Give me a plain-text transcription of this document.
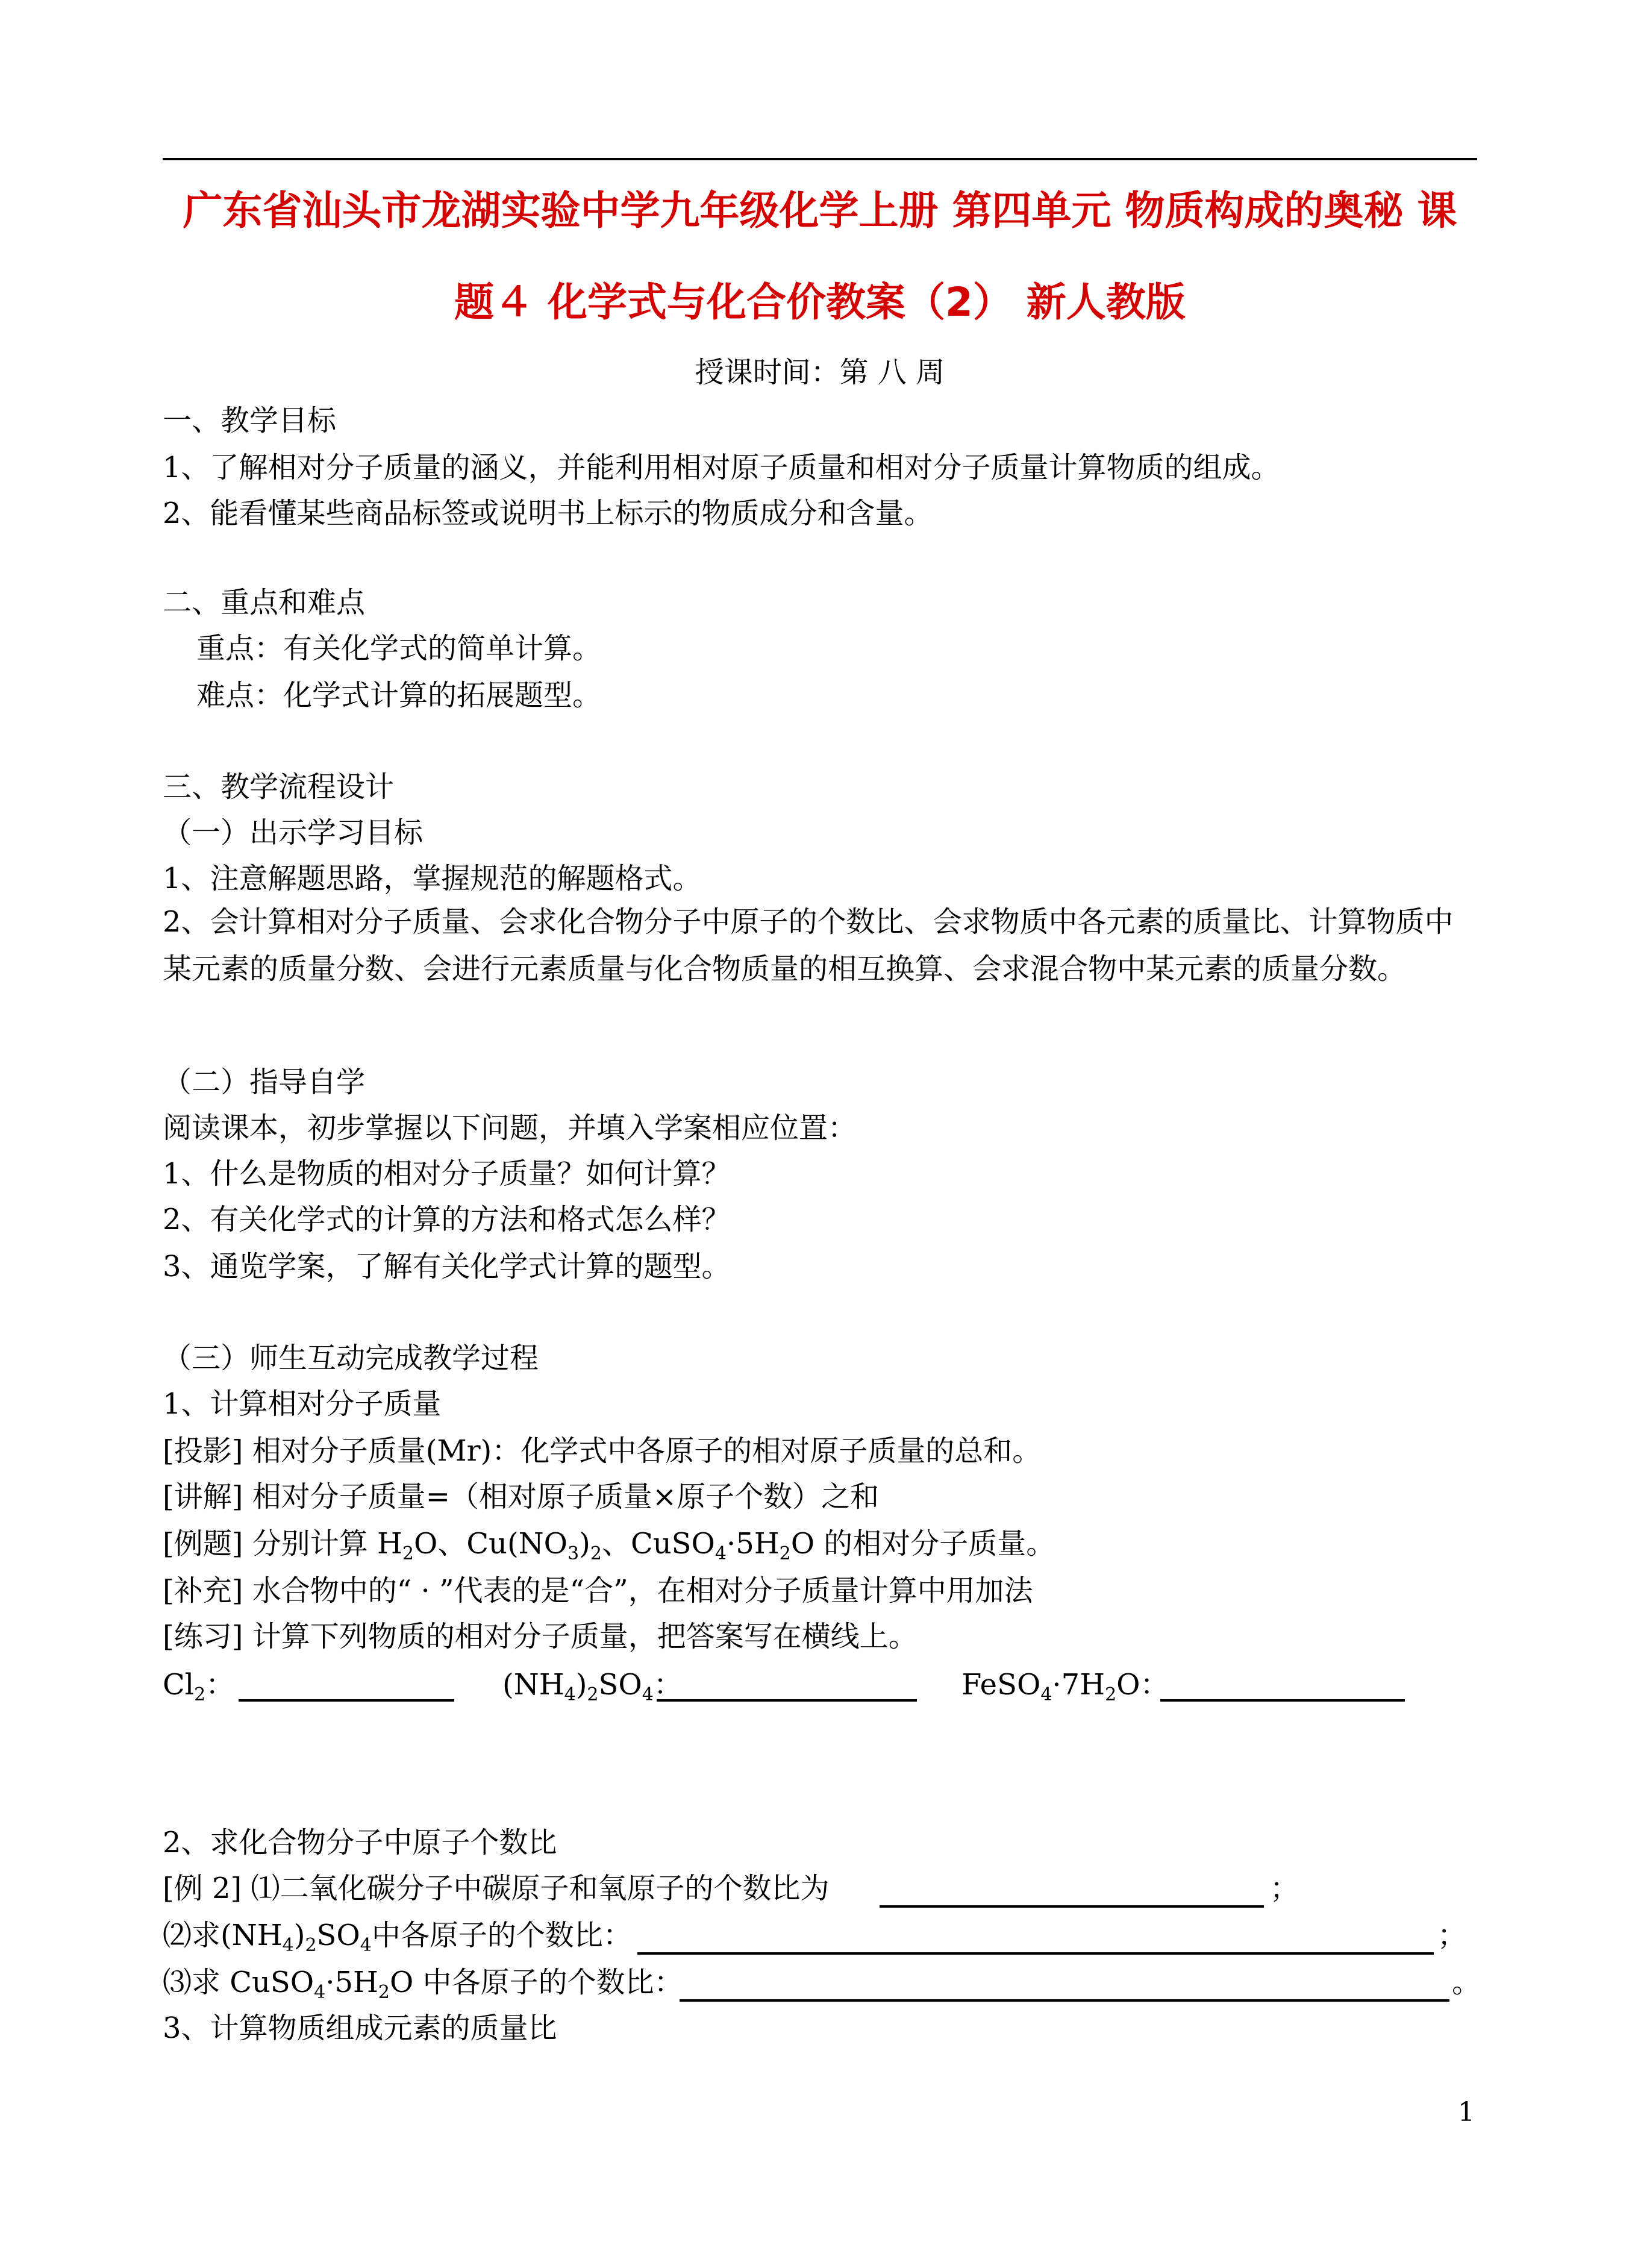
广东省汕头市龙湖实验中学九年级化学上册 第四单元 物质构成的奥秘 课
题４ 化学式与化合价教案（2） 新人教版
授课时间：第 八 周
一、教学目标
1、了解相对分子质量的涵义，并能利用相对原子质量和相对分子质量计算物质的组成。
2、能看懂某些商品标签或说明书上标示的物质成分和含量。
二、重点和难点
重点：有关化学式的简单计算。
难点：化学式计算的拓展题型。
三、教学流程设计
（一）出示学习目标
1、注意解题思路，掌握规范的解题格式。
2、会计算相对分子质量、会求化合物分子中原子的个数比、会求物质中各元素的质量比、计算物质中某元素的质量分数、会进行元素质量与化合物质量的相互换算、会求混合物中某元素的质量分数。
（二）指导自学
阅读课本，初步掌握以下问题，并填入学案相应位置：
1、什么是物质的相对分子质量？如何计算？
2、有关化学式的计算的方法和格式怎么样？
3、通览学案，了解有关化学式计算的题型。
（三）师生互动完成教学过程
1、计算相对分子质量
[投影] 相对分子质量(Mr)：化学式中各原子的相对原子质量的总和。
[讲解] 相对分子质量=（相对原子质量×原子个数）之和
[例题] 分别计算 $H_2O$、$Cu(NO_3)_2$、$CuSO_4\cdot 5H_2O$ 的相对分子质量。
[补充] 水合物中的“ · ”代表的是“合”，在相对分子质量计算中用加法
[练习] 计算下列物质的相对分子质量，把答案写在横线上。
$Cl_2$：	$(NH_4)_2SO_4$：	$FeSO_4\cdot 7H_2O$：
2、求化合物分子中原子个数比
[例 2] ⑴二氧化碳分子中碳原子和氧原子的个数比为	；
⑵求$(NH_4)_2SO_4$中各原子的个数比：	；
⑶求 $CuSO_4\cdot 5H_2O$ 中各原子的个数比：	。
3、计算物质组成元素的质量比
1
